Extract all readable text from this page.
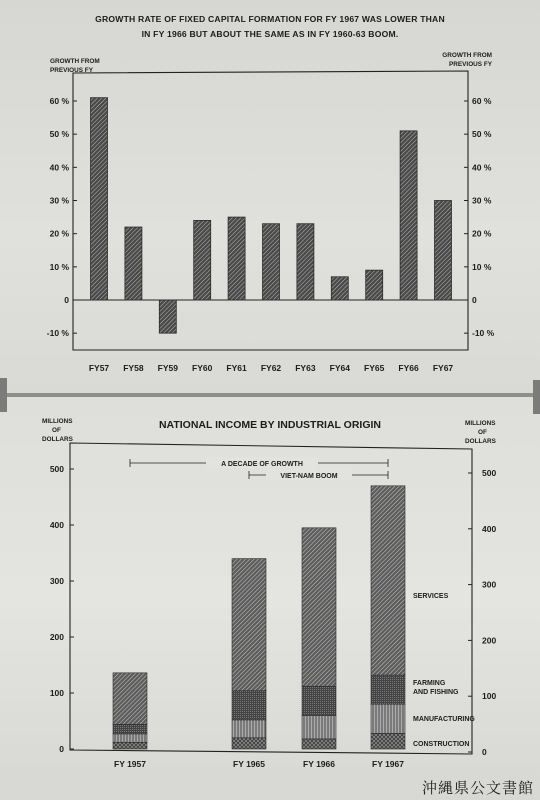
GROWTH RATE OF FIXED CAPITAL FORMATION FOR FY 1967 WAS LOWER THAN
IN FY 1966 BUT ABOUT THE SAME AS IN FY 1960-63 BOOM.
GROWTH FROM
PREVIOUS FY
GROWTH FROM
PREVIOUS FY
-10 %	-10 %
0	0
10 %	10 %
20 %	20 %
30 %	30 %
40 %	40 %
50 %	50 %
60 %	60 %
FY57 FY58 FY59 FY60 FY61 FY62 FY63 FY64 FY65 FY66 FY67
NATIONAL INCOME BY INDUSTRIAL ORIGIN
MILLIONS
OF
DOLLARS
MILLIONS
OF
DOLLARS
0	0
100	100
200	200
300	300
400	400
500	500
A DECADE OF GROWTH
VIET-NAM BOOM
FY 1957	FY 1965	FY 1966	FY 1967
SERVICES
FARMING
AND FISHING
MANUFACTURING
CONSTRUCTION
沖縄県公文書館
